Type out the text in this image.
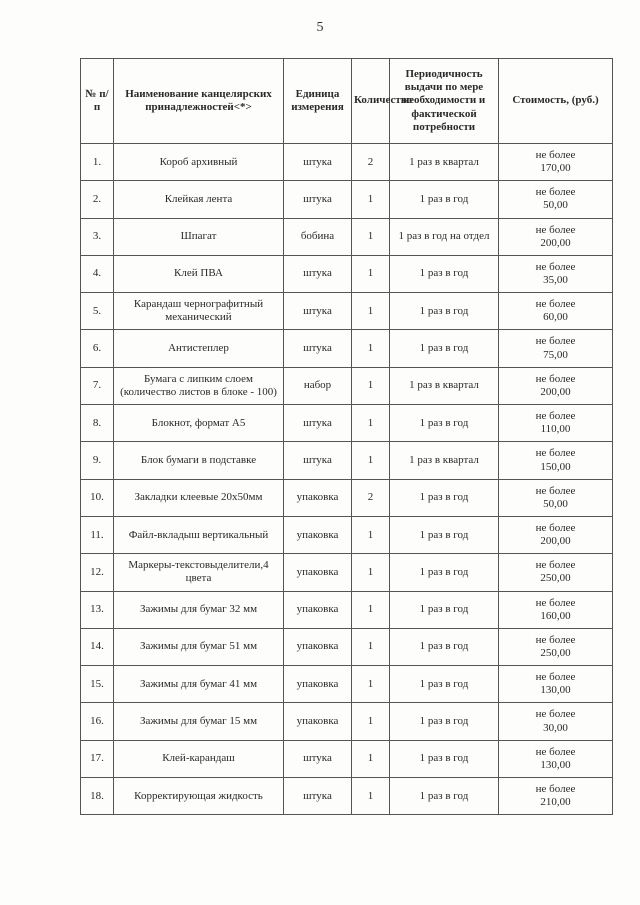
5
№ п/п	Наименование канцелярских принадлежностей<*>	Единица измерения	Количество	Периодичность выдачи по мере необходимости и фактической потребности	Стоимость, (руб.)
1.	Короб архивный	штука	2	1 раз в квартал	не более
170,00

2.	Клейкая лента	штука	1	1 раз в год	не более
50,00

3.	Шпагат	бобина	1	1 раз в год на отдел	не более
200,00

4.	Клей ПВА	штука	1	1 раз в год	не более
35,00

5.	Карандаш чернографитный механический	штука	1	1 раз в год	не более
60,00

6.	Антистеплер	штука	1	1 раз в год	не более
75,00

7.	Бумага с липким слоем (количество листов в блоке - 100)	набор	1	1 раз в квартал	не более
200,00

8.	Блокнот, формат А5	штука	1	1 раз в год	не более
110,00

9.	Блок бумаги в подставке	штука	1	1 раз в квартал	не более
150,00

10.	Закладки клеевые 20х50мм	упаковка	2	1 раз в год	не более
50,00

11.	Файл-вкладыш вертикальный	упаковка	1	1 раз в год	не более
200,00

12.	Маркеры-текстовыделители,4 цвета	упаковка	1	1 раз в год	не более
250,00

13.	Зажимы для бумаг 32 мм	упаковка	1	1 раз в год	не более
160,00

14.	Зажимы для бумаг 51 мм	упаковка	1	1 раз в год	не более
250,00

15.	Зажимы для бумаг 41 мм	упаковка	1	1 раз в год	не более
130,00

16.	Зажимы для бумаг 15 мм	упаковка	1	1 раз в год	не более
30,00

17.	Клей-карандаш	штука	1	1 раз в год	не более
130,00

18.	Корректирующая жидкость	штука	1	1 раз в год	не более
210,00
